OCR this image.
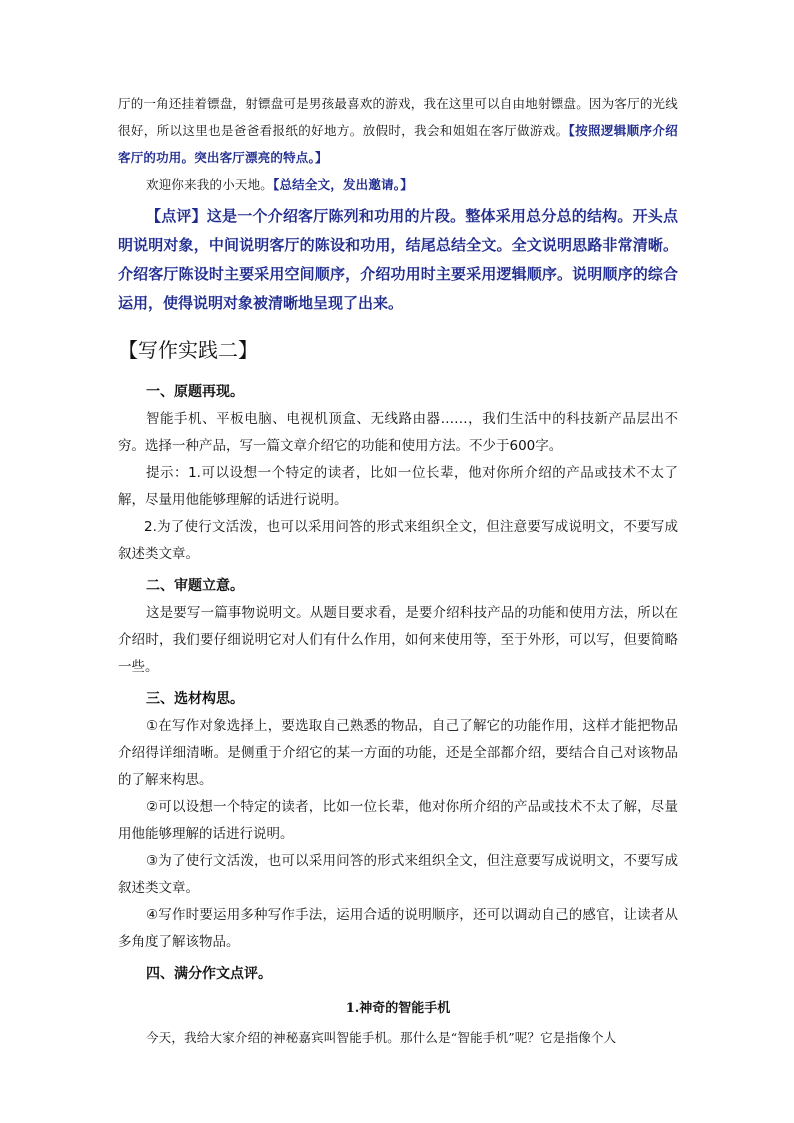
厅的一角还挂着镖盘，射镖盘可是男孩最喜欢的游戏，我在这里可以自由地射镖盘。因为客厅的光线很好，所以这里也是爸爸看报纸的好地方。放假时，我会和姐姐在客厅做游戏。【按照逻辑顺序介绍客厅的功用。突出客厅漂亮的特点。】

欢迎你来我的小天地。【总结全文，发出邀请。】

【点评】这是一个介绍客厅陈列和功用的片段。整体采用总分总的结构。开头点明说明对象，中间说明客厅的陈设和功用，结尾总结全文。全文说明思路非常清晰。介绍客厅陈设时主要采用空间顺序，介绍功用时主要采用逻辑顺序。说明顺序的综合运用，使得说明对象被清晰地呈现了出来。

【写作实践二】

一、原题再现。

智能手机、平板电脑、电视机顶盒、无线路由器……，我们生活中的科技新产品层出不穷。选择一种产品，写一篇文章介绍它的功能和使用方法。不少于600字。

提示：1.可以设想一个特定的读者，比如一位长辈，他对你所介绍的产品或技术不太了解，尽量用他能够理解的话进行说明。

2.为了使行文活泼，也可以采用问答的形式来组织全文，但注意要写成说明文，不要写成叙述类文章。

二、审题立意。

这是要写一篇事物说明文。从题目要求看，是要介绍科技产品的功能和使用方法，所以在介绍时，我们要仔细说明它对人们有什么作用，如何来使用等，至于外形，可以写，但要简略一些。

三、选材构思。

①在写作对象选择上，要选取自己熟悉的物品，自己了解它的功能作用，这样才能把物品介绍得详细清晰。是侧重于介绍它的某一方面的功能，还是全部都介绍，要结合自己对该物品的了解来构思。

②可以设想一个特定的读者，比如一位长辈，他对你所介绍的产品或技术不太了解，尽量用他能够理解的话进行说明。

③为了使行文活泼，也可以采用问答的形式来组织全文，但注意要写成说明文，不要写成叙述类文章。

④写作时要运用多种写作手法，运用合适的说明顺序，还可以调动自己的感官，让读者从多角度了解该物品。

四、满分作文点评。

1.神奇的智能手机

今天，我给大家介绍的神秘嘉宾叫智能手机。那什么是“智能手机”呢？它是指像个人
